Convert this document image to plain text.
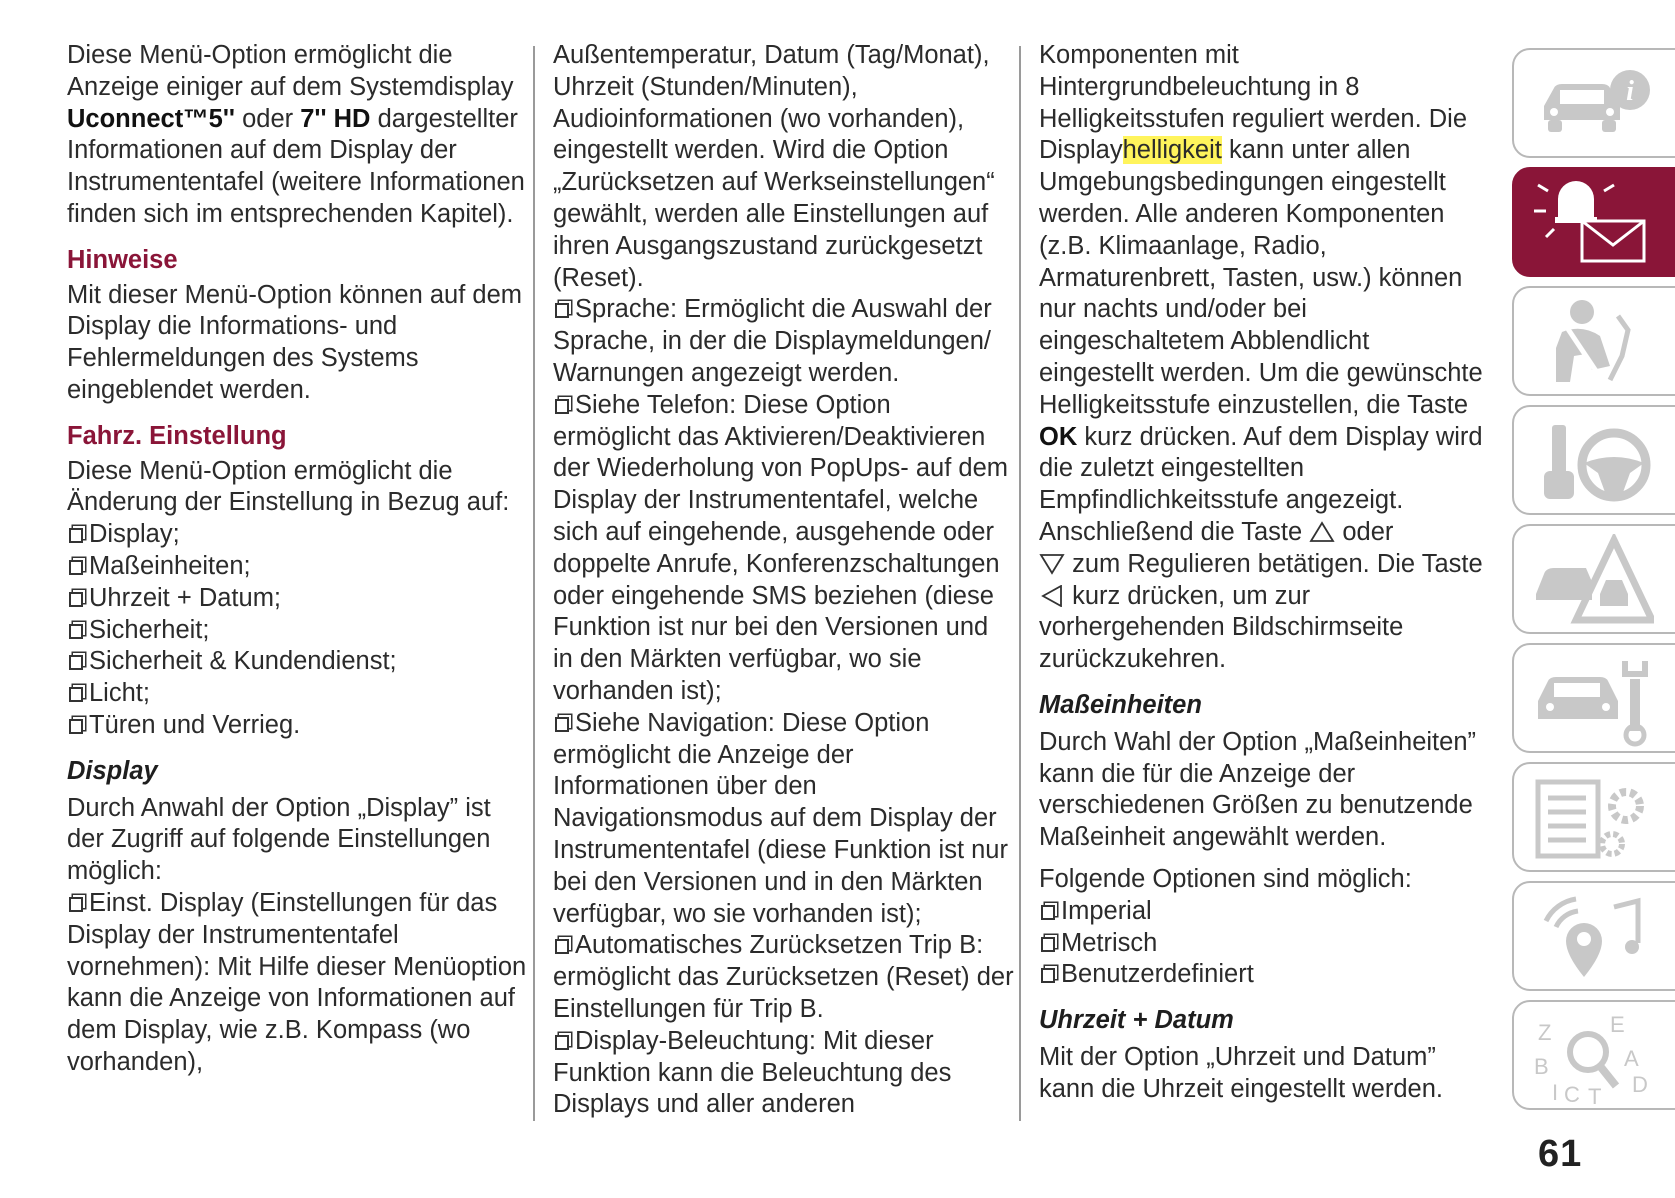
Diese Menü-Option ermöglicht die Anzeige einiger auf dem Systemdisplay
Uconnect™5'' oder 7'' HD dargestellter Informationen auf dem Display der Instrumententafel (weitere Informationen finden sich im entsprechenden Kapitel).

Hinweise

Mit dieser Menü-Option können auf dem Display die Informations- und Fehlermeldungen des Systems eingeblendet werden.

Fahrz. Einstellung

Diese Menü-Option ermöglicht die Änderung der Einstellung in Bezug auf:

Display;
Maßeinheiten;
Uhrzeit + Datum;
Sicherheit;
Sicherheit & Kundendienst;
Licht;
Türen und Verrieg.
Display

Durch Anwahl der Option „Display” ist der Zugriff auf folgende Einstellungen möglich:

Einst. Display (Einstellungen für das Display der Instrumententafel vornehmen): Mit Hilfe dieser Menüoption kann die Anzeige von Informationen auf dem Display, wie z.B. Kompass (wo vorhanden),

Außentemperatur, Datum (Tag/Monat), Uhrzeit (Stunden/Minuten), Audioinformationen (wo vorhanden), eingestellt werden. Wird die Option „Zurücksetzen auf Werkseinstellungen“ gewählt, werden alle Einstellungen auf ihren Ausgangszustand zurückgesetzt (Reset).

Sprache: Ermöglicht die Auswahl der Sprache, in der die Displaymeldungen/ Warnungen angezeigt werden.

Siehe Telefon: Diese Option ermöglicht das Aktivieren/Deaktivieren der Wiederholung von PopUps- auf dem Display der Instrumententafel, welche sich auf eingehende, ausgehende oder doppelte Anrufe, Konferenzschaltungen oder eingehende SMS beziehen (diese Funktion ist nur bei den Versionen und in den Märkten verfügbar, wo sie vorhanden ist);

Siehe Navigation: Diese Option ermöglicht die Anzeige der Informationen über den Navigationsmodus auf dem Display der Instrumententafel (diese Funktion ist nur bei den Versionen und in den Märkten verfügbar, wo sie vorhanden ist);

Automatisches Zurücksetzen Trip B: ermöglicht das Zurücksetzen (Reset) der Einstellungen für Trip B.

Display-Beleuchtung: Mit dieser Funktion kann die Beleuchtung des Displays und aller anderen

Komponenten mit Hintergrundbeleuchtung in 8 Helligkeitsstufen reguliert werden. Die Displayhelligkeit kann unter allen Umgebungsbedingungen eingestellt werden. Alle anderen Komponenten (z.B. Klimaanlage, Radio, Armaturenbrett, Tasten, usw.) können nur nachts und/oder bei eingeschaltetem Abblendlicht eingestellt werden. Um die gewünschte Helligkeitsstufe einzustellen, die Taste OK kurz drücken. Auf dem Display wird die zuletzt eingestellten Empfindlichkeitsstufe angezeigt. Anschließend die Taste  oder
zum Regulieren betätigen. Die Taste
kurz drücken, um zur vorhergehenden Bildschirmseite zurückzukehren.

Maßeinheiten

Durch Wahl der Option „Maßeinheiten” kann die für die Anzeige der verschiedenen Größen zu benutzende Maßeinheit angewählt werden.

Folgende Optionen sind möglich:

Imperial
Metrisch
Benutzerdefiniert
Uhrzeit + Datum

Mit der Option „Uhrzeit und Datum” kann die Uhrzeit eingestellt werden.

i
Z	E
A
B
D
I C T
61
